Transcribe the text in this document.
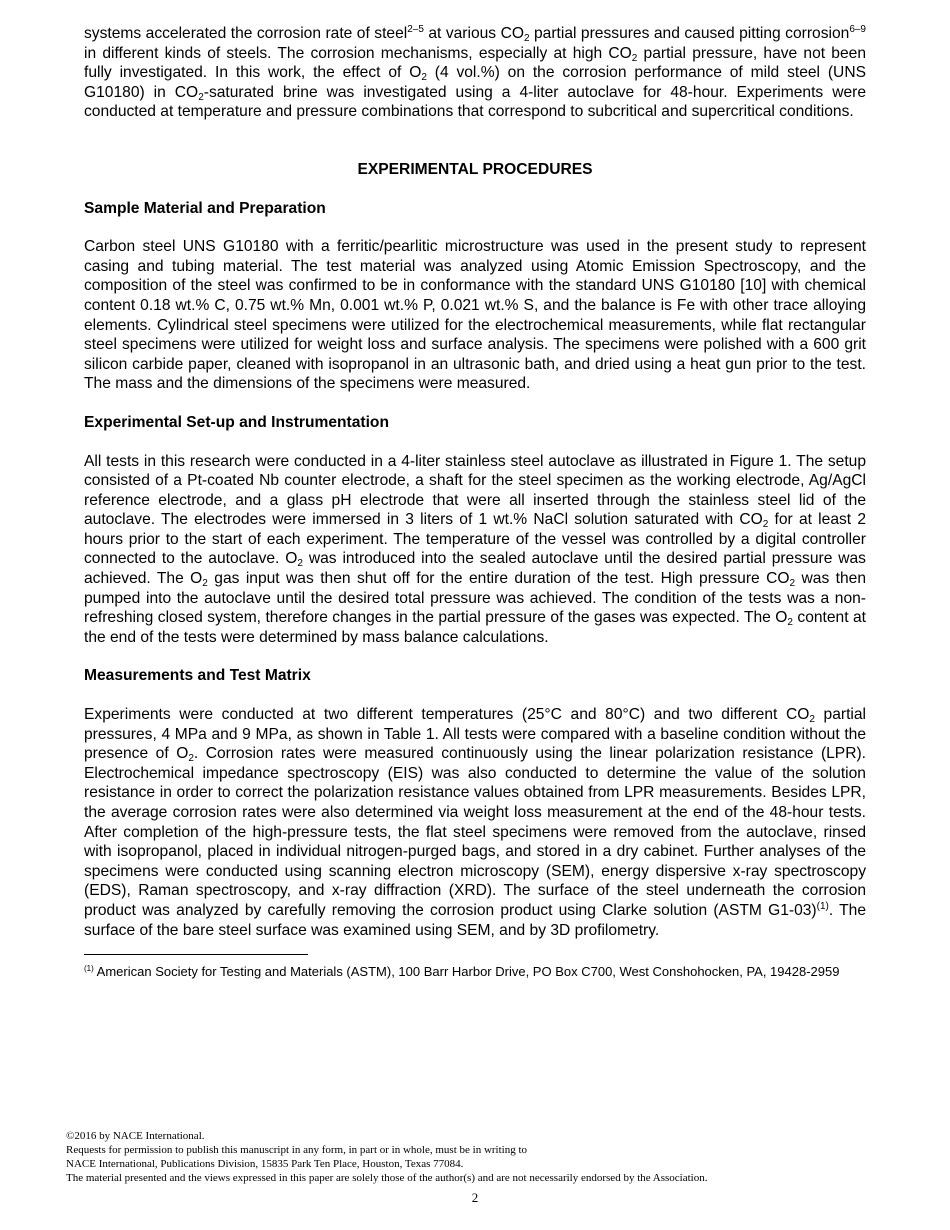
systems accelerated the corrosion rate of steel$^{2-5}$ at various $CO_2$ partial pressures and caused pitting corrosion$^{6-9}$ in different kinds of steels. The corrosion mechanisms, especially at high $CO_2$ partial pressure, have not been fully investigated. In this work, the effect of $O_2$ (4 vol.%) on the corrosion performance of mild steel (UNS G10180) in $CO_2$-saturated brine was investigated using a 4-liter autoclave for 48-hour. Experiments were conducted at temperature and pressure combinations that correspond to subcritical and supercritical conditions.

EXPERIMENTAL PROCEDURES
Sample Material and Preparation

Carbon steel UNS G10180 with a ferritic/pearlitic microstructure was used in the present study to represent casing and tubing material. The test material was analyzed using Atomic Emission Spectroscopy, and the composition of the steel was confirmed to be in conformance with the standard UNS G10180 [10] with chemical content 0.18 wt.% C, 0.75 wt.% Mn, 0.001 wt.% P, 0.021 wt.% S, and the balance is Fe with other trace alloying elements. Cylindrical steel specimens were utilized for the electrochemical measurements, while flat rectangular steel specimens were utilized for weight loss and surface analysis. The specimens were polished with a 600 grit silicon carbide paper, cleaned with isopropanol in an ultrasonic bath, and dried using a heat gun prior to the test. The mass and the dimensions of the specimens were measured.

Experimental Set-up and Instrumentation

All tests in this research were conducted in a 4-liter stainless steel autoclave as illustrated in Figure 1. The setup consisted of a Pt-coated Nb counter electrode, a shaft for the steel specimen as the working electrode, Ag/AgCl reference electrode, and a glass pH electrode that were all inserted through the stainless steel lid of the autoclave. The electrodes were immersed in 3 liters of 1 wt.% NaCl solution saturated with $CO_2$ for at least 2 hours prior to the start of each experiment. The temperature of the vessel was controlled by a digital controller connected to the autoclave. $O_2$ was introduced into the sealed autoclave until the desired partial pressure was achieved. The $O_2$ gas input was then shut off for the entire duration of the test. High pressure $CO_2$ was then pumped into the autoclave until the desired total pressure was achieved. The condition of the tests was a non-refreshing closed system, therefore changes in the partial pressure of the gases was expected. The $O_2$ content at the end of the tests were determined by mass balance calculations.

Measurements and Test Matrix

Experiments were conducted at two different temperatures (25°C and 80°C) and two different $CO_2$ partial pressures, 4 MPa and 9 MPa, as shown in Table 1. All tests were compared with a baseline condition without the presence of $O_2$. Corrosion rates were measured continuously using the linear polarization resistance (LPR). Electrochemical impedance spectroscopy (EIS) was also conducted to determine the value of the solution resistance in order to correct the polarization resistance values obtained from LPR measurements. Besides LPR, the average corrosion rates were also determined via weight loss measurement at the end of the 48-hour tests. After completion of the high-pressure tests, the flat steel specimens were removed from the autoclave, rinsed with isopropanol, placed in individual nitrogen-purged bags, and stored in a dry cabinet. Further analyses of the specimens were conducted using scanning electron microscopy (SEM), energy dispersive x-ray spectroscopy (EDS), Raman spectroscopy, and x-ray diffraction (XRD). The surface of the steel underneath the corrosion product was analyzed by carefully removing the corrosion product using Clarke solution (ASTM G1-03)$^{(1)}$. The surface of the bare steel surface was examined using SEM, and by 3D profilometry.

$^{(1)}$ American Society for Testing and Materials (ASTM), 100 Barr Harbor Drive, PO Box C700, West Conshohocken, PA, 19428-2959

©2016 by NACE International.
Requests for permission to publish this manuscript in any form, in part or in whole, must be in writing to
NACE International, Publications Division, 15835 Park Ten Place, Houston, Texas 77084.
The material presented and the views expressed in this paper are solely those of the author(s) and are not necessarily endorsed by the Association.
2
